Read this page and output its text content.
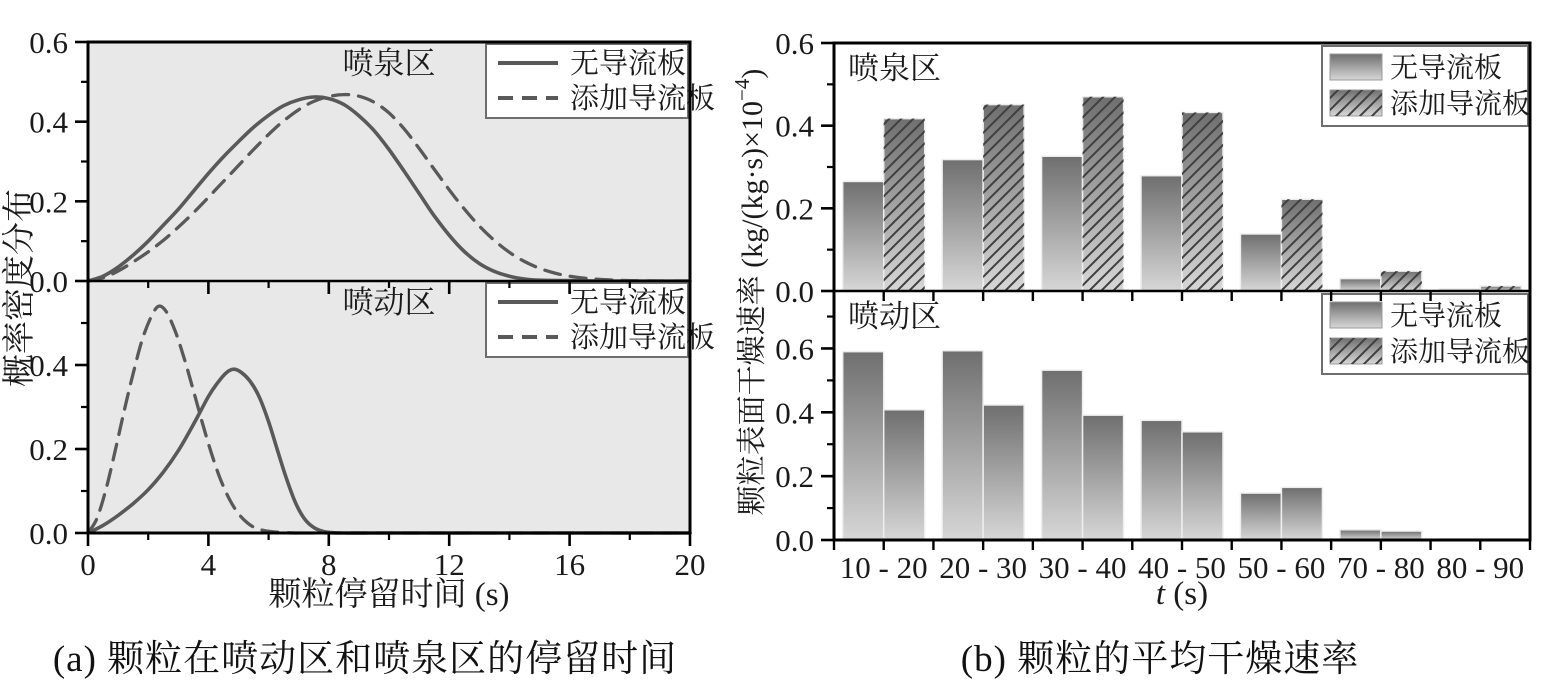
0.0
0.2
0.4
0.6
喷泉区	无导流板
添加导流板
0.0
0.2
0.4
喷动区	无导流板
添加导流板
0	4	8	12	16	20
颗粒停留时间 (s)
概率密度分布	0.0
0.2
0.4
0.6
喷泉区	无导流板
添加导流板
0.0
0.2
0.4
0.6
喷动区	无导流板
添加导流板
10 - 20 20 - 30 30 - 40 40 - 50 50 - 60 70 - 80 80 - 90
t (s)
颗粒表面干燥速率 $(kg/(kg\cdot s)\times 10^{-4})$
(a) 颗粒在喷动区和喷泉区的停留时间	(b) 颗粒的平均干燥速率
